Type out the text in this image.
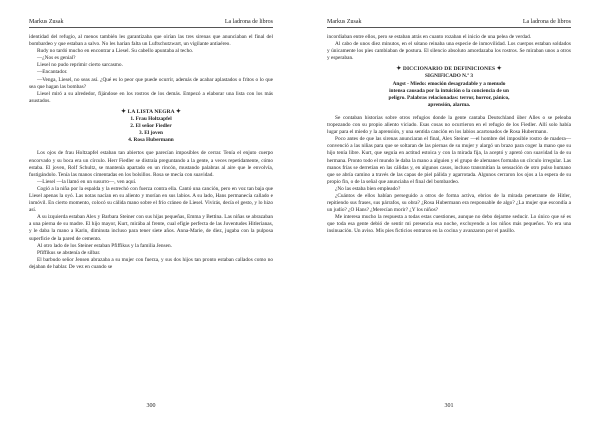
Markus Zusak	La ladrona de libros

identidad del refugio, al menos también les garantizaba que oirían las tres sirenas que anunciaban el final del bombardeo y que estaban a salvo. No les harían falta un Luftschutzwart, un vigilante antiaéreo.

Rudy no tardó mucho en encontrar a Liesel. Su cabello apuntaba al techo.

—¿Nos es genial?

Liesel no pudo reprimir cierto sarcasmo.

—Encantador.

—Venga, Liesel, no seas así. ¿Qué es lo peor que puede ocurrir, además de acabar aplastados o fritos o lo que sea que hagan las bombas?

Liesel miró a su alrededor, fijándose en los rostros de los demás. Empezó a elaborar una lista con los más asustados.

✦ LA LISTA NEGRA ✦
1. Frau Holtzapfel
2. El señor Fiedler
3. El joven
4. Rosa Hubermann

Los ojos de frau Holtzapfel estaban tan abiertos que parecían imposibles de cerrar. Tenía el enjuto cuerpo encorvado y su boca era un círculo. Herr Fiedler se distraía preguntando a la gente, a veces repetidamente, cómo estaba. El joven, Rolf Schultz, se mantenía apartado en un rincón, mustando palabras al aire que le envolvía, fustigándolo. Tenía las manos cimentadas en los bolsillos. Rosa se mecía con suavidad.

—Liesel —la llamó en un susurro—, ven aquí.

Cogió a la niña por la espalda y la estrechó con fuerza contra ella. Cantó una canción, pero en voz tan baja que Liesel apenas la oyó. Las notas nacían en su aliento y morían en sus labios. A su lado, Hans permanecía callado e inmóvil. En cierto momento, colocó su cálida mano sobre el frío cráneo de Liesel. Vivirás, decía el gesto, y lo hizo así.

A su izquierda estaban Alex y Barbara Steiner con sus hijas pequeñas, Emma y Bettina. Las niñas se abrazaban a una pierna de su madre. El hijo mayor, Kurt, mirába al frente, cual efigie perfecta de las Juventudes Hitlerianas, y le daba la mano a Karin, diminuta incluso para tener siete años. Anna-Marie, de diez, jugaba con la pulposa superficie de la pared de cemento.

Al otro lado de los Steiner estaban Pfiffikus y la familia Jensen.

Pfiffikus se abstenía de silbar.

El barbudo señor Jensen abrazaba a su mujer con fuerza, y sus dos hijos tan pronto estaban callados como no dejaban de hablar. De vez en cuando se

300
Markus Zusak	La ladrona de libros

incordiaban entre ellos, pero se estaban atrás en cuanto rozaban el inicio de una pelea de verdad.

Al cabo de unos diez minutos, en el sótano reinaba una especie de inmovilidad. Los cuerpos estaban soldados y únicamente los pies cambiaban de postura. El silencio absoluto amordazaba los rostros. Se miraban unos a otros y esperaban.

✦ DICCIONARIO DE DEFINICIONES ✦
SIGNIFICADO N.º 3
Angst - Miedo: emoción desagradable y a menudo intensa causada por la intuición o la conciencia de un peligro. Palabras relacionadas: terror, horror, pánico, aprensión, alarma.

Se contaban historias sobre otros refugios donde la gente cantaba Deutschland über Alles o se peleaba tropezando con su propio aliento viciado. Esas cosas no ocurrieron en el refugio de los Fiedler. Allí solo había lugar para el miedo y la aprensión, y una sentida canción en los labios acartonados de Rosa Hubermann.

Poco antes de que las sirenas anunciaran el final, Alex Steiner —el hombre del imposible rostro de madera— convenció a las niñas para que se soltaran de las piernas de su mujer y alargó un brazo para coger la mano que su hijo tenía libre. Kurt, que seguía en actitud estoica y con la mirada fija, la aceptó y apretó con suavidad la de su hermana. Pronto todo el mundo le daba la mano a alguien y el grupo de alemanes formaba un círculo irregular. Las manos frías se derretían en las cálidas y, en algunos casos, incluso transmitían la sensación de otro pulso humano que se abría camino a través de las capas de piel pálida y agarrotada. Algunos cerraron los ojos a la espera de su propio fin, o de la señal que anunciaba el final del bombardeo.

¿No las estaba bien empleado?

¿Cuántos de ellos habían perseguido a otros de forma activa, ebrios de la mirada penetrante de Hitler, repitiendo sus frases, sus párrafos, su obra? ¿Rosa Hubermann era responsable de algo? ¿La mujer que escondía a un judío? ¿O Hans? ¿Merecían morir? ¿Y los niños?

Me interesa mucho la respuesta a todas estas cuestiones, aunque no debo dejarme seducir. Lo único que sé es que toda esa gente debió de sentir mi presencia esa noche, excluyendo a los niños más pequeños. Yo era una insinuación. Un aviso. Mis pies ficticios entraron en la cocina y avanzaron por el pasillo.

301
